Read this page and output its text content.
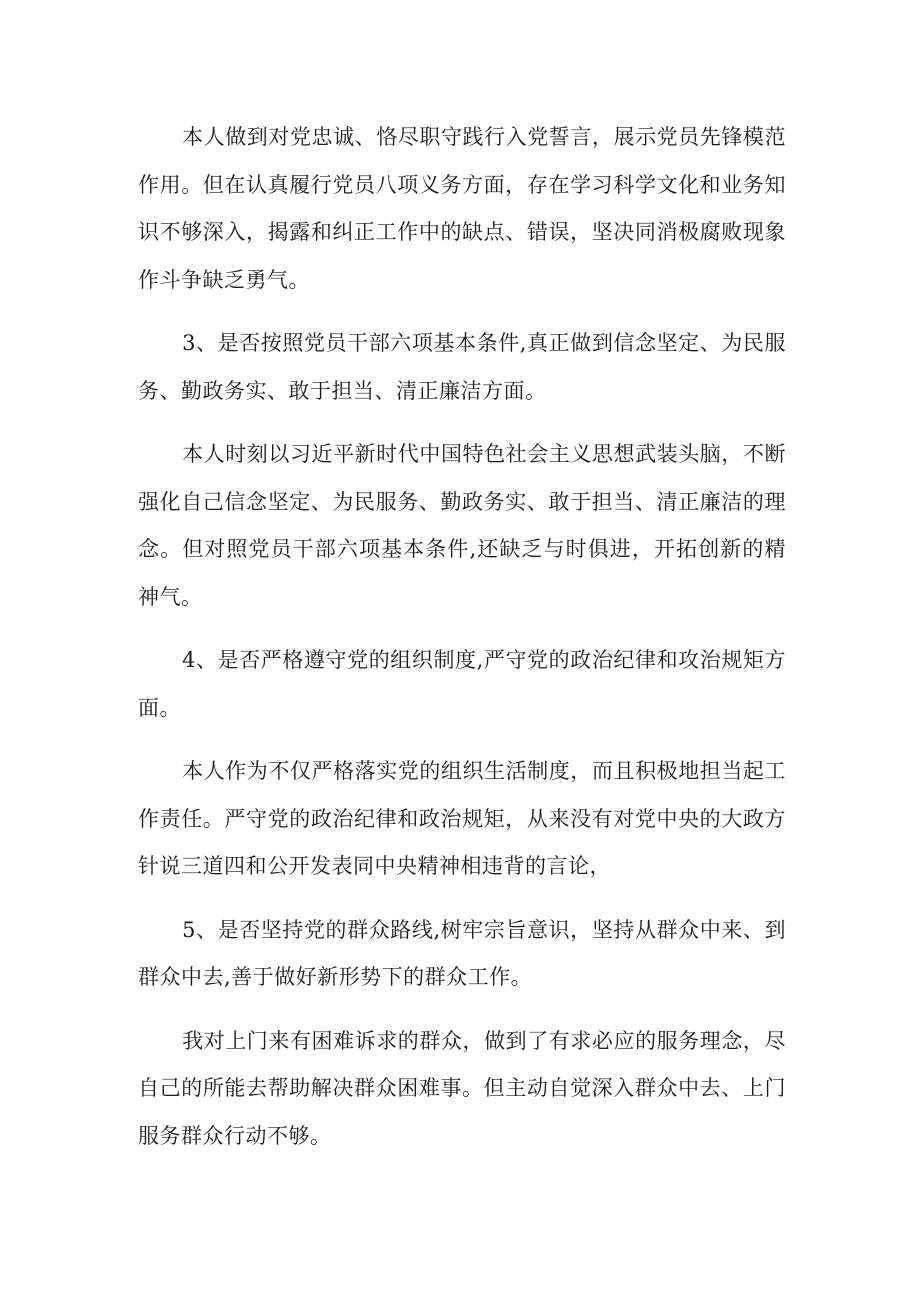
本人做到对党忠诚、恪尽职守践行入党誓言，展示党员先锋模范作用。但在认真履行党员八项义务方面，存在学习科学文化和业务知识不够深入，揭露和纠正工作中的缺点、错误，坚决同消极腐败现象作斗争缺乏勇气。

3、是否按照党员干部六项基本条件,真正做到信念坚定、为民服务、勤政务实、敢于担当、清正廉洁方面。

本人时刻以习近平新时代中国特色社会主义思想武装头脑，不断强化自己信念坚定、为民服务、勤政务实、敢于担当、清正廉洁的理念。但对照党员干部六项基本条件,还缺乏与时俱进，开拓创新的精神气。

4、是否严格遵守党的组织制度,严守党的政治纪律和攻治规矩方面。

本人作为不仅严格落实党的组织生活制度，而且积极地担当起工作责任。严守党的政治纪律和政治规矩，从来没有对党中央的大政方针说三道四和公开发表同中央精神相违背的言论，

5、是否坚持党的群众路线,树牢宗旨意识，坚持从群众中来、到群众中去,善于做好新形势下的群众工作。

我对上门来有困难诉求的群众，做到了有求必应的服务理念，尽自己的所能去帮助解决群众困难事。但主动自觉深入群众中去、上门服务群众行动不够。
